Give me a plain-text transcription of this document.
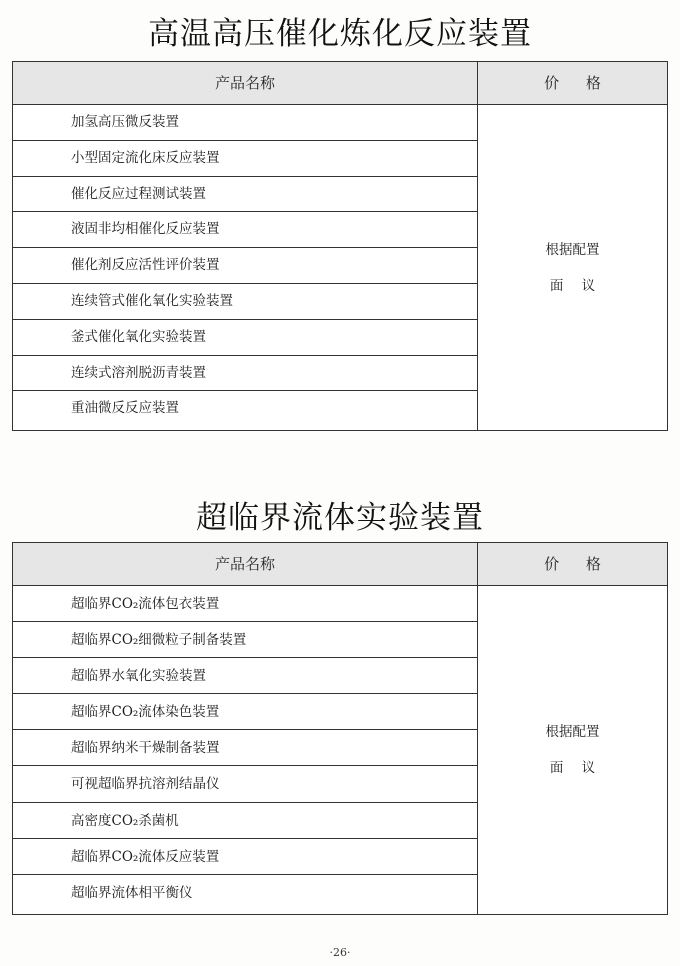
高温高压催化炼化反应装置
产品名称	价 格
加氢高压微反装置
小型固定流化床反应装置
催化反应过程测试装置
液固非均相催化反应装置
催化剂反应活性评价装置
连续管式催化氧化实验装置
釜式催化氧化实验装置
连续式溶剂脱沥青装置
重油微反反应装置
根据配置
面 议
超临界流体实验装置
产品名称	价 格
超临界CO₂流体包衣装置
超临界CO₂细微粒子制备装置
超临界水氧化实验装置
超临界CO₂流体染色装置
超临界纳米干燥制备装置
可视超临界抗溶剂结晶仪
高密度CO₂杀菌机
超临界CO₂流体反应装置
超临界流体相平衡仪
根据配置
面 议
·26·
